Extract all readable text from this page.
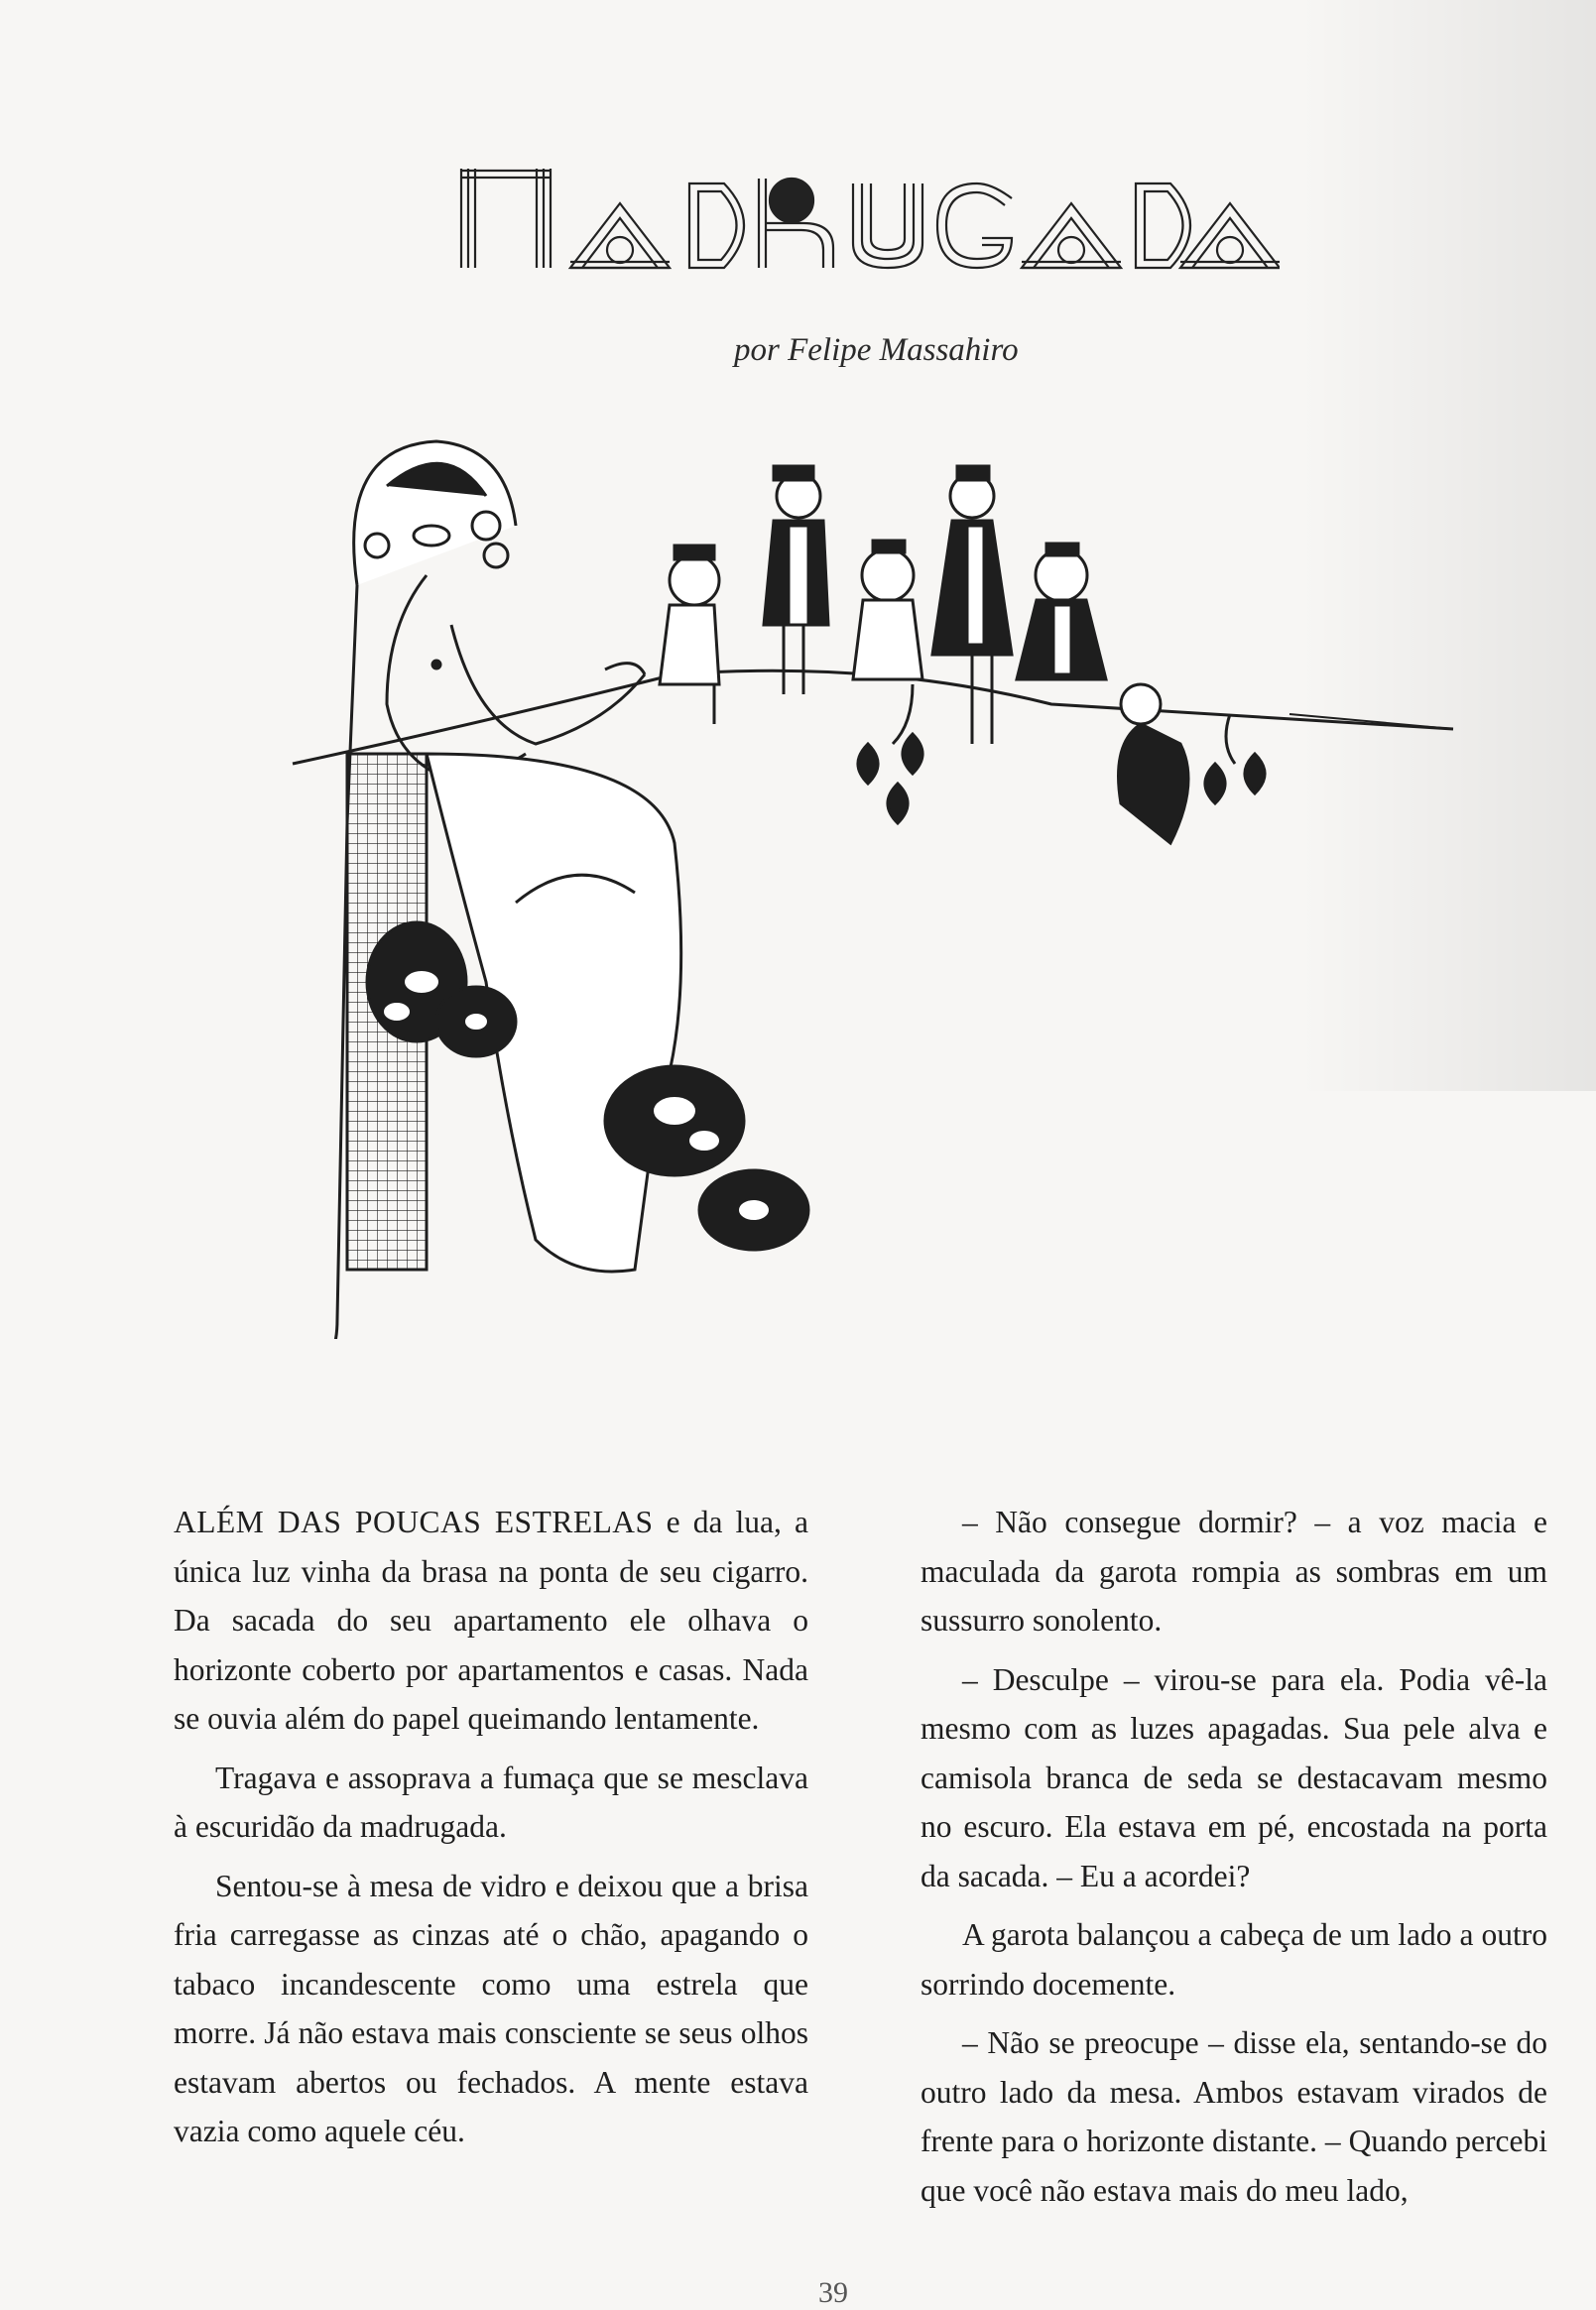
por Felipe Massahiro

ALÉM DAS POUCAS ESTRELAS e da lua, a única luz vinha da brasa na ponta de seu cigarro. Da sacada do seu apartamento ele olhava o horizonte coberto por apartamentos e casas. Nada se ouvia além do papel queimando lentamente.

Tragava e assoprava a fumaça que se mesclava à escuridão da madrugada.

Sentou-se à mesa de vidro e deixou que a brisa fria carregasse as cinzas até o chão, apagando o tabaco incandescente como uma estrela que morre. Já não estava mais consciente se seus olhos estavam abertos ou fechados. A mente estava vazia como aquele céu.

– Não consegue dormir? – a voz macia e maculada da garota rompia as sombras em um sussurro sonolento.

– Desculpe – virou-se para ela. Podia vê-la mesmo com as luzes apagadas. Sua pele alva e camisola branca de seda se destacavam mesmo no escuro. Ela estava em pé, encostada na porta da sacada. – Eu a acordei?

A garota balançou a cabeça de um lado a outro sorrindo docemente.

– Não se preocupe – disse ela, sentando-se do outro lado da mesa. Ambos estavam virados de frente para o horizonte distante. – Quando percebi que você não estava mais do meu lado,

39
